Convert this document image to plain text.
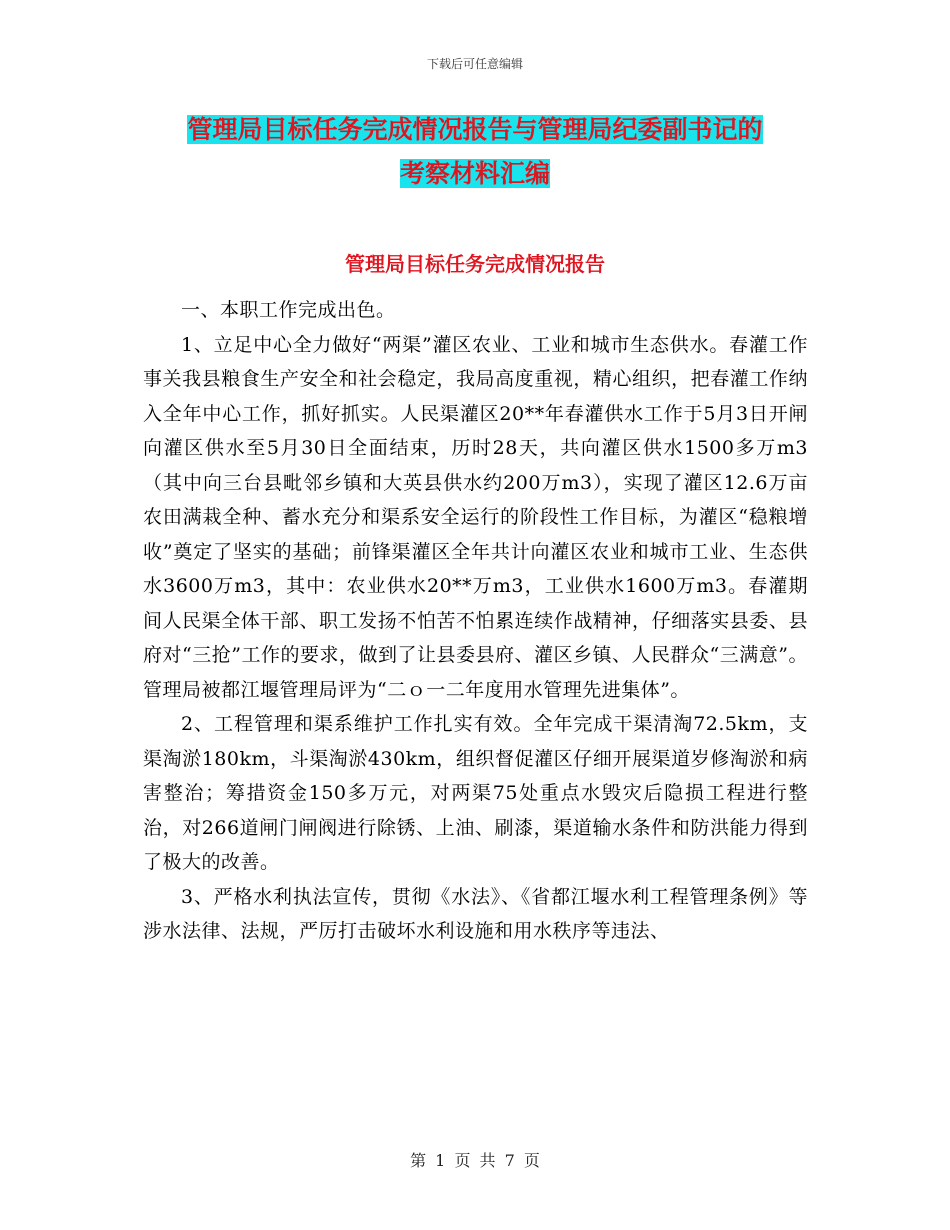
下载后可任意编辑
管理局目标任务完成情况报告与管理局纪委副书记的
考察材料汇编
管理局目标任务完成情况报告

一、本职工作完成出色。

1、立足中心全力做好“两渠”灌区农业、工业和城市生态供水。春灌工作事关我县粮食生产安全和社会稳定，我局高度重视，精心组织，把春灌工作纳入全年中心工作，抓好抓实。人民渠灌区20**年春灌供水工作于5月3日开闸向灌区供水至5月30日全面结束，历时28天，共向灌区供水1500多万m3（其中向三台县毗邻乡镇和大英县供水约200万m3），实现了灌区12.6万亩农田满栽全种、蓄水充分和渠系安全运行的阶段性工作目标，为灌区“稳粮增收”奠定了坚实的基础；前锋渠灌区全年共计向灌区农业和城市工业、生态供水3600万m3，其中：农业供水20**万m3，工业供水1600万m3。春灌期间人民渠全体干部、职工发扬不怕苦不怕累连续作战精神，仔细落实县委、县府对“三抢”工作的要求，做到了让县委县府、灌区乡镇、人民群众“三满意”。管理局被都江堰管理局评为“二ｏ一二年度用水管理先进集体”。

2、工程管理和渠系维护工作扎实有效。全年完成干渠清淘72.5km，支渠淘淤180km，斗渠淘淤430km，组织督促灌区仔细开展渠道岁修淘淤和病害整治；筹措资金150多万元，对两渠75处重点水毁灾后隐损工程进行整治，对266道闸门闸阀进行除锈、上油、刷漆，渠道输水条件和防洪能力得到了极大的改善。

3、严格水利执法宣传，贯彻《水法》、《省都江堰水利工程管理条例》等涉水法律、法规，严厉打击破坏水利设施和用水秩序等违法、

第 1 页 共 7 页
